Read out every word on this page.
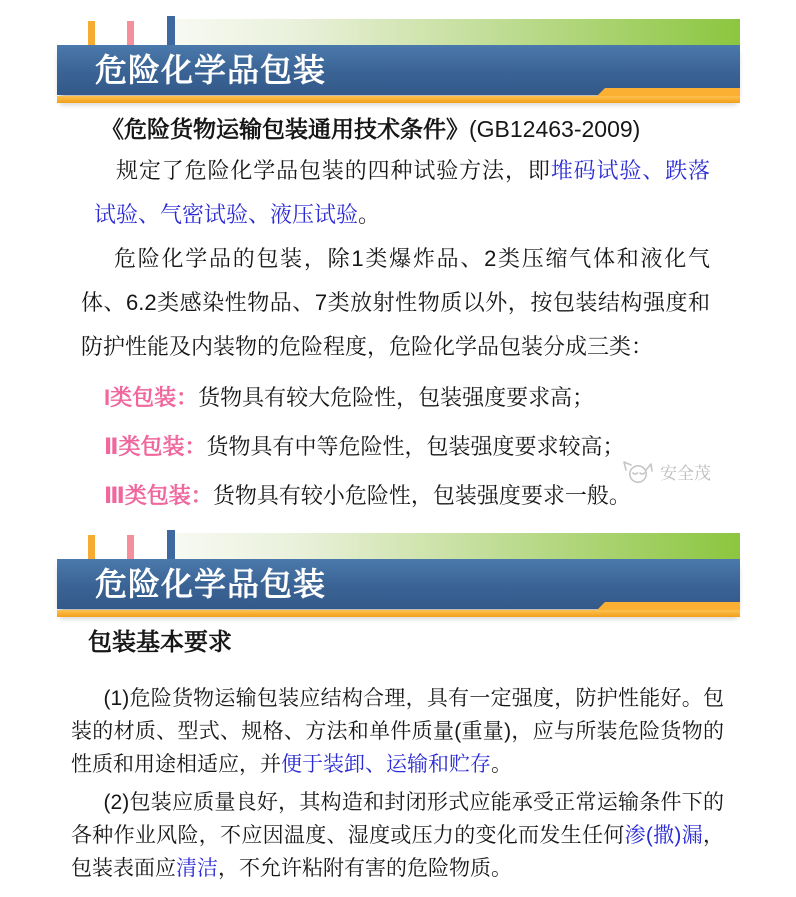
危险化学品包装

《危险货物运输包装通用技术条件》(GB12463-2009)

规定了危险化学品包装的四种试验方法，即堆码试验、跌落试验、气密试验、液压试验。

危险化学品的包装，除1类爆炸品、2类压缩气体和液化气体、6.2类感染性物品、7类放射性物质以外，按包装结构强度和防护性能及内装物的危险程度，危险化学品包装分成三类：

I类包装：货物具有较大危险性，包装强度要求高；

Ⅱ类包装：货物具有中等危险性，包装强度要求较高；

Ⅲ类包装：货物具有较小危险性，包装强度要求一般。

安全茂
危险化学品包装
包装基本要求

(1)危险货物运输包装应结构合理，具有一定强度，防护性能好。包装的材质、型式、规格、方法和单件质量(重量)，应与所装危险货物的性质和用途相适应，并便于装卸、运输和贮存。

(2)包装应质量良好，其构造和封闭形式应能承受正常运输条件下的各种作业风险，不应因温度、湿度或压力的变化而发生任何渗(撒)漏，包装表面应清洁，不允许粘附有害的危险物质。
